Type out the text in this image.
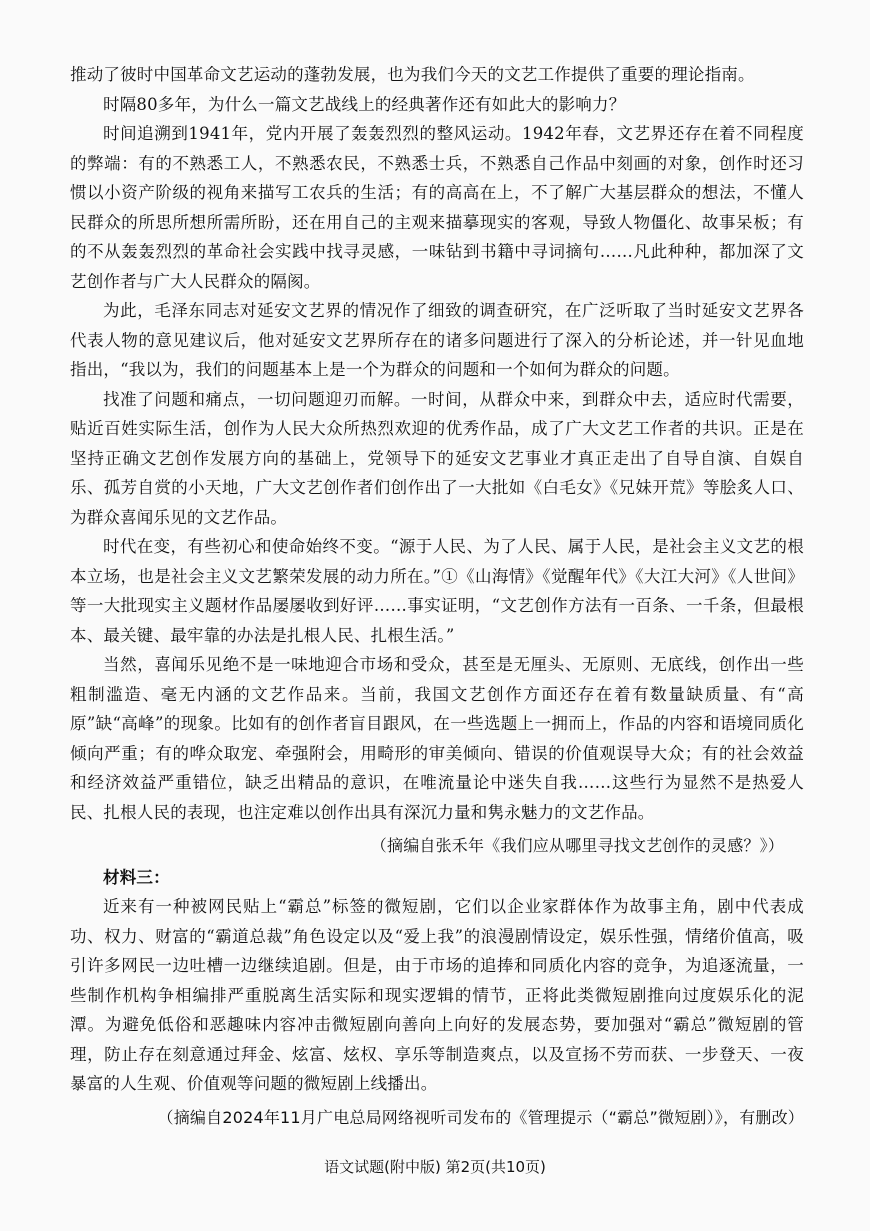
推动了彼时中国革命文艺运动的蓬勃发展，也为我们今天的文艺工作提供了重要的理论指南。

时隔80多年，为什么一篇文艺战线上的经典著作还有如此大的影响力？

时间追溯到1941年，党内开展了轰轰烈烈的整风运动。1942年春，文艺界还存在着不同程度的弊端：有的不熟悉工人，不熟悉农民，不熟悉士兵，不熟悉自己作品中刻画的对象，创作时还习惯以小资产阶级的视角来描写工农兵的生活；有的高高在上，不了解广大基层群众的想法，不懂人民群众的所思所想所需所盼，还在用自己的主观来描摹现实的客观，导致人物僵化、故事呆板；有的不从轰轰烈烈的革命社会实践中找寻灵感，一味钻到书籍中寻词摘句……凡此种种，都加深了文艺创作者与广大人民群众的隔阂。

为此，毛泽东同志对延安文艺界的情况作了细致的调查研究，在广泛听取了当时延安文艺界各代表人物的意见建议后，他对延安文艺界所存在的诸多问题进行了深入的分析论述，并一针见血地指出，“我以为，我们的问题基本上是一个为群众的问题和一个如何为群众的问题。

找准了问题和痛点，一切问题迎刃而解。一时间，从群众中来，到群众中去，适应时代需要，贴近百姓实际生活，创作为人民大众所热烈欢迎的优秀作品，成了广大文艺工作者的共识。正是在坚持正确文艺创作发展方向的基础上，党领导下的延安文艺事业才真正走出了自导自演、自娱自乐、孤芳自赏的小天地，广大文艺创作者们创作出了一大批如《白毛女》《兄妹开荒》等脍炙人口、为群众喜闻乐见的文艺作品。

时代在变，有些初心和使命始终不变。“源于人民、为了人民、属于人民，是社会主义文艺的根本立场，也是社会主义文艺繁荣发展的动力所在。”①《山海情》《觉醒年代》《大江大河》《人世间》等一大批现实主义题材作品屡屡收到好评……事实证明，“文艺创作方法有一百条、一千条，但最根本、最关键、最牢靠的办法是扎根人民、扎根生活。”

当然，喜闻乐见绝不是一味地迎合市场和受众，甚至是无厘头、无原则、无底线，创作出一些粗制滥造、毫无内涵的文艺作品来。当前，我国文艺创作方面还存在着有数量缺质量、有“高原”缺“高峰”的现象。比如有的创作者盲目跟风，在一些选题上一拥而上，作品的内容和语境同质化倾向严重；有的哗众取宠、牵强附会，用畸形的审美倾向、错误的价值观误导大众；有的社会效益和经济效益严重错位，缺乏出精品的意识，在唯流量论中迷失自我……这些行为显然不是热爱人民、扎根人民的表现，也注定难以创作出具有深沉力量和隽永魅力的文艺作品。

（摘编自张禾年《我们应从哪里寻找文艺创作的灵感？》）

材料三：

近来有一种被网民贴上“霸总”标签的微短剧，它们以企业家群体作为故事主角，剧中代表成功、权力、财富的“霸道总裁”角色设定以及“爱上我”的浪漫剧情设定，娱乐性强，情绪价值高，吸引许多网民一边吐槽一边继续追剧。但是，由于市场的追捧和同质化内容的竞争，为追逐流量，一些制作机构争相编排严重脱离生活实际和现实逻辑的情节，正将此类微短剧推向过度娱乐化的泥潭。为避免低俗和恶趣味内容冲击微短剧向善向上向好的发展态势，要加强对“霸总”微短剧的管理，防止存在刻意通过拜金、炫富、炫权、享乐等制造爽点，以及宣扬不劳而获、一步登天、一夜暴富的人生观、价值观等问题的微短剧上线播出。

（摘编自2024年11月广电总局网络视听司发布的《管理提示（“霸总”微短剧）》，有删改）

语文试题(附中版) 第2页(共10页)
